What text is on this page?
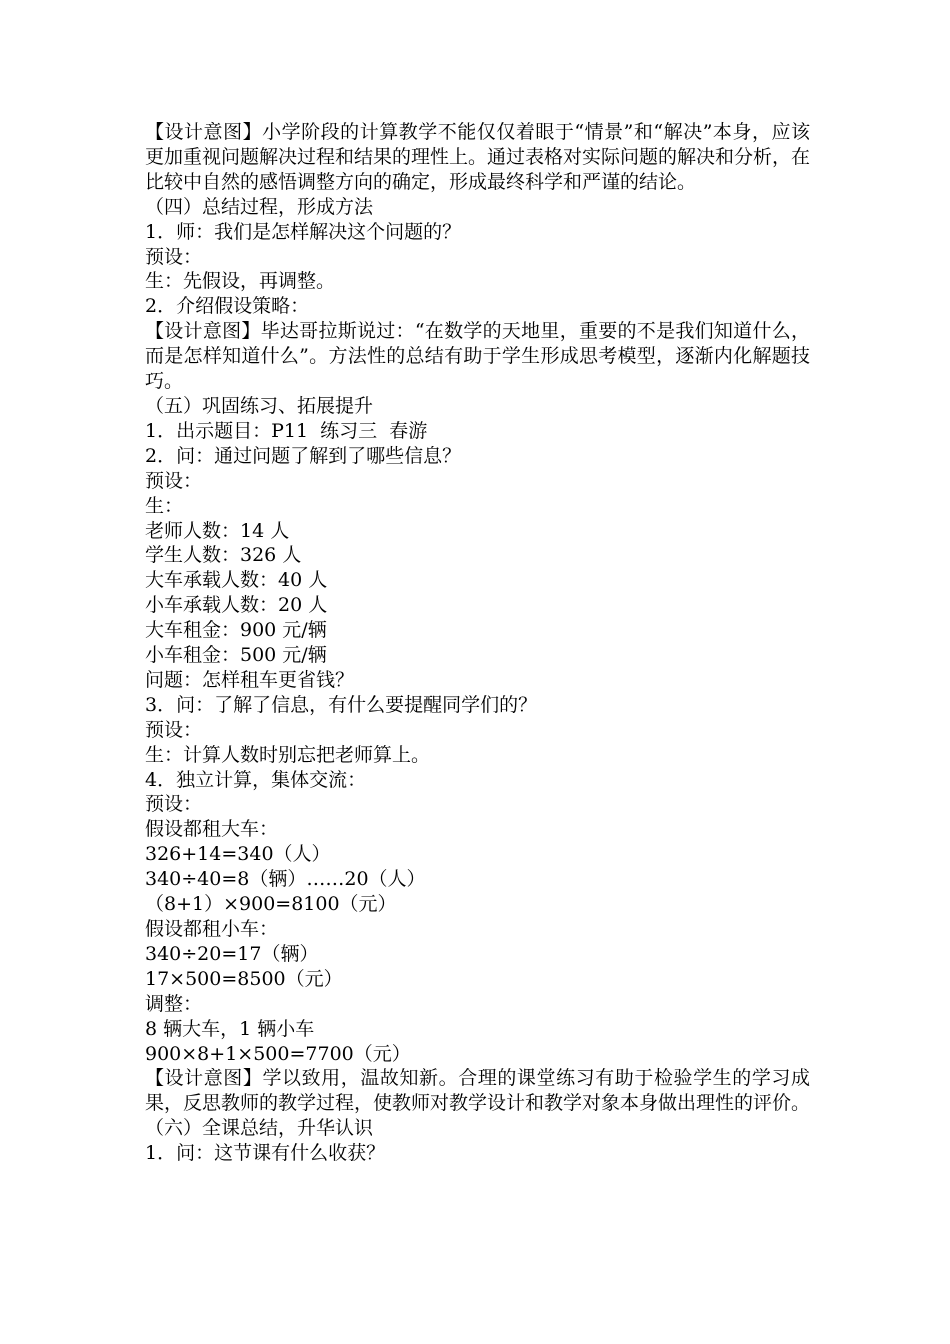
【设计意图】小学阶段的计算教学不能仅仅着眼于“情景”和“解决”本身，应该更加重视问题解决过程和结果的理性上。通过表格对实际问题的解决和分析，在比较中自然的感悟调整方向的确定，形成最终科学和严谨的结论。
（四）总结过程，形成方法
1．师：我们是怎样解决这个问题的？
预设：
生：先假设，再调整。
2．介绍假设策略：
【设计意图】毕达哥拉斯说过：“在数学的天地里，重要的不是我们知道什么，而是怎样知道什么”。方法性的总结有助于学生形成思考模型，逐渐内化解题技巧。
（五）巩固练习、拓展提升
1．出示题目：P11  练习三  春游
2．问：通过问题了解到了哪些信息？
预设：
生：
老师人数：14 人
学生人数：326 人
大车承载人数：40 人
小车承载人数：20 人
大车租金：900 元/辆
小车租金：500 元/辆
问题：怎样租车更省钱？
3．问：了解了信息，有什么要提醒同学们的？
预设：
生：计算人数时别忘把老师算上。
4．独立计算，集体交流：
预设：
假设都租大车：
326+14=340（人）
340÷40=8（辆）……20（人）
（8+1）×900=8100（元）
假设都租小车：
340÷20=17（辆）
17×500=8500（元）
调整：
8 辆大车，1 辆小车
900×8+1×500=7700（元）
【设计意图】学以致用，温故知新。合理的课堂练习有助于检验学生的学习成果，反思教师的教学过程，使教师对教学设计和教学对象本身做出理性的评价。
（六）全课总结，升华认识
1．问：这节课有什么收获？
